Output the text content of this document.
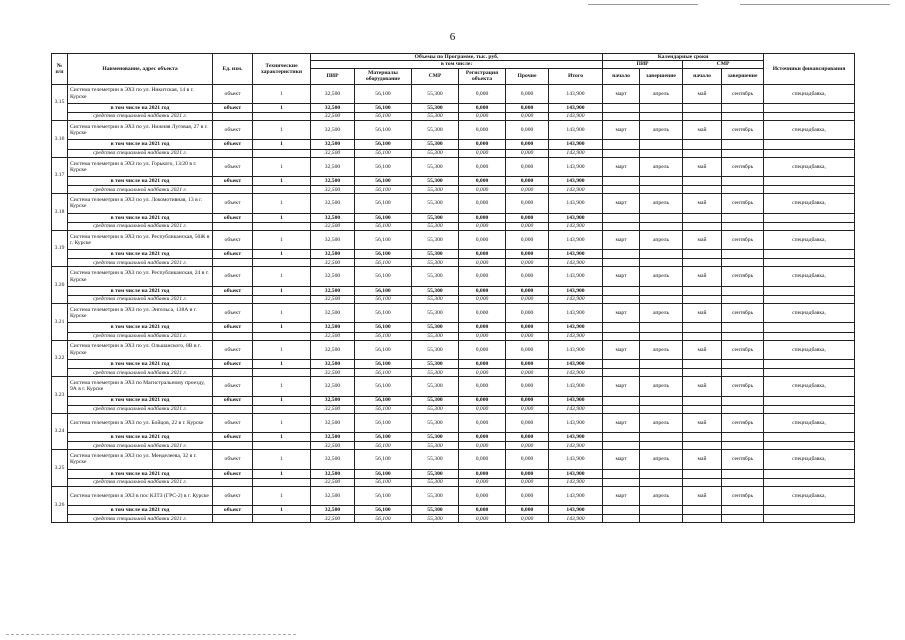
6
№ п/п	Наименование, адрес объекта	Ед. изм.	Технические характеристики	Объемы по Программе, тыс. руб.						Календарные сроки				Источники финансирования
				в том числе:						ПИР		СМР		
				ПИР	Материалы оборудование	СМР	Регистрация объекта	Прочие	Итого	начало	завершение	начало	завершение	
3.15	Система телеметрии в ЭХЗ по ул. Никитская, 14 в г. Курске	объект	1	32,500	56,100	55,300	0,000	0,000	143,900	март	апрель	май	сентябрь	спецнадбавка,
	в том числе на 2021 год	объект	1	32,500	56,100	55,300	0,000	0,000	143,900					
	средства специальной надбавки 2021 г.			32,500	56,100	55,300	0,000	0,000	143,900					
3.16	Система телеметрии в ЭХЗ по ул. Нижняя Луговая, 27 в г. Курске	объект	1	32,500	56,100	55,300	0,000	0,000	143,900	март	апрель	май	сентябрь	спецнадбавка,
	в том числе на 2021 год	объект	1	32,500	56,100	55,300	0,000	0,000	143,900					
	средства специальной надбавки 2021 г.			32,500	56,100	55,300	0,000	0,000	143,900					
3.17	Система телеметрии в ЭХЗ по ул. Горького, 13/20 в г. Курске	объект	1	32,500	56,100	55,300	0,000	0,000	143,900	март	апрель	май	сентябрь	спецнадбавка,
	в том числе на 2021 год	объект	1	32,500	56,100	55,300	0,000	0,000	143,900					
	средства специальной надбавки 2021 г.			32,500	56,100	55,300	0,000	0,000	143,900					
3.18	Система телеметрии в ЭХЗ по ул. Локомотивная, 13 в г. Курске	объект	1	32,500	56,100	55,300	0,000	0,000	143,900	март	апрель	май	сентябрь	спецнадбавка,
	в том числе на 2021 год	объект	1	32,500	56,100	55,300	0,000	0,000	143,900					
	средства специальной надбавки 2021 г.			32,500	56,100	55,300	0,000	0,000	143,900					
3.19	Система телеметрии в ЭХЗ по ул. Республиканская, 50Ж в г. Курске	объект	1	32,500	56,100	55,300	0,000	0,000	143,900	март	апрель	май	сентябрь	спецнадбавка,
	в том числе на 2021 год	объект	1	32,500	56,100	55,300	0,000	0,000	143,900					
	средства специальной надбавки 2021 г.			32,500	56,100	55,300	0,000	0,000	143,900					
3.20	Система телеметрии в ЭХЗ по ул. Республиканская, 24 в г. Курске	объект	1	32,500	56,100	55,300	0,000	0,000	143,900	март	апрель	май	сентябрь	спецнадбавка,
	в том числе на 2021 год	объект	1	32,500	56,100	55,300	0,000	0,000	143,900					
	средства специальной надбавки 2021 г.			32,500	56,100	55,300	0,000	0,000	143,900					
3.21	Система телеметрии в ЭХЗ по ул. Энгельса, 138А в г. Курске	объект	1	32,500	56,100	55,300	0,000	0,000	143,900	март	апрель	май	сентябрь	спецнадбавка,
	в том числе на 2021 год	объект	1	32,500	56,100	55,300	0,000	0,000	143,900					
	средства специальной надбавки 2021 г.			32,500	56,100	55,300	0,000	0,000	143,900					
3.22	Система телеметрии в ЭХЗ по ул. Ольшанского, 8В в г. Курске	объект	1	32,500	56,100	55,300	0,000	0,000	143,900	март	апрель	май	сентябрь	спецнадбавка,
	в том числе на 2021 год	объект	1	32,500	56,100	55,300	0,000	0,000	143,900					
	средства специальной надбавки 2021 г.			32,500	56,100	55,300	0,000	0,000	143,900					
3.23	Система телеметрии в ЭХЗ по Магистральному проезду, 9А в г. Курске	объект	1	32,500	56,100	55,300	0,000	0,000	143,900	март	апрель	май	сентябрь	спецнадбавка,
	в том числе на 2021 год	объект	1	32,500	56,100	55,300	0,000	0,000	143,900					
	средства специальной надбавки 2021 г.			32,500	56,100	55,300	0,000	0,000	143,900					
3.24	Система телеметрии в ЭХЗ по ул. Бойцов, 22 в г. Курске	объект	1	32,500	56,100	55,300	0,000	0,000	143,900	март	апрель	май	сентябрь	спецнадбавка,
	в том числе на 2021 год	объект	1	32,500	56,100	55,300	0,000	0,000	143,900					
	средства специальной надбавки 2021 г.			32,500	56,100	55,300	0,000	0,000	143,900					
3.25	Система телеметрии в ЭХЗ по ул. Менделеева, 32 в г. Курске	объект	1	32,500	56,100	55,300	0,000	0,000	143,900	март	апрель	май	сентябрь	спецнадбавка,
	в том числе на 2021 год	объект	1	32,500	56,100	55,300	0,000	0,000	143,900					
	средства специальной надбавки 2021 г.			32,500	56,100	55,300	0,000	0,000	143,900					
3.26	Система телеметрии в ЭХЗ в пос КЗТЗ (ГРС-2) в г. Курске	объект	1	32,500	56,100	55,300	0,000	0,000	143,900	март	апрель	май	сентябрь	спецнадбавка,
	в том числе на 2021 год	объект	1	32,500	56,100	55,300	0,000	0,000	143,900					
	средства специальной надбавки 2021 г.			32,500	56,100	55,300	0,000	0,000	143,900					
